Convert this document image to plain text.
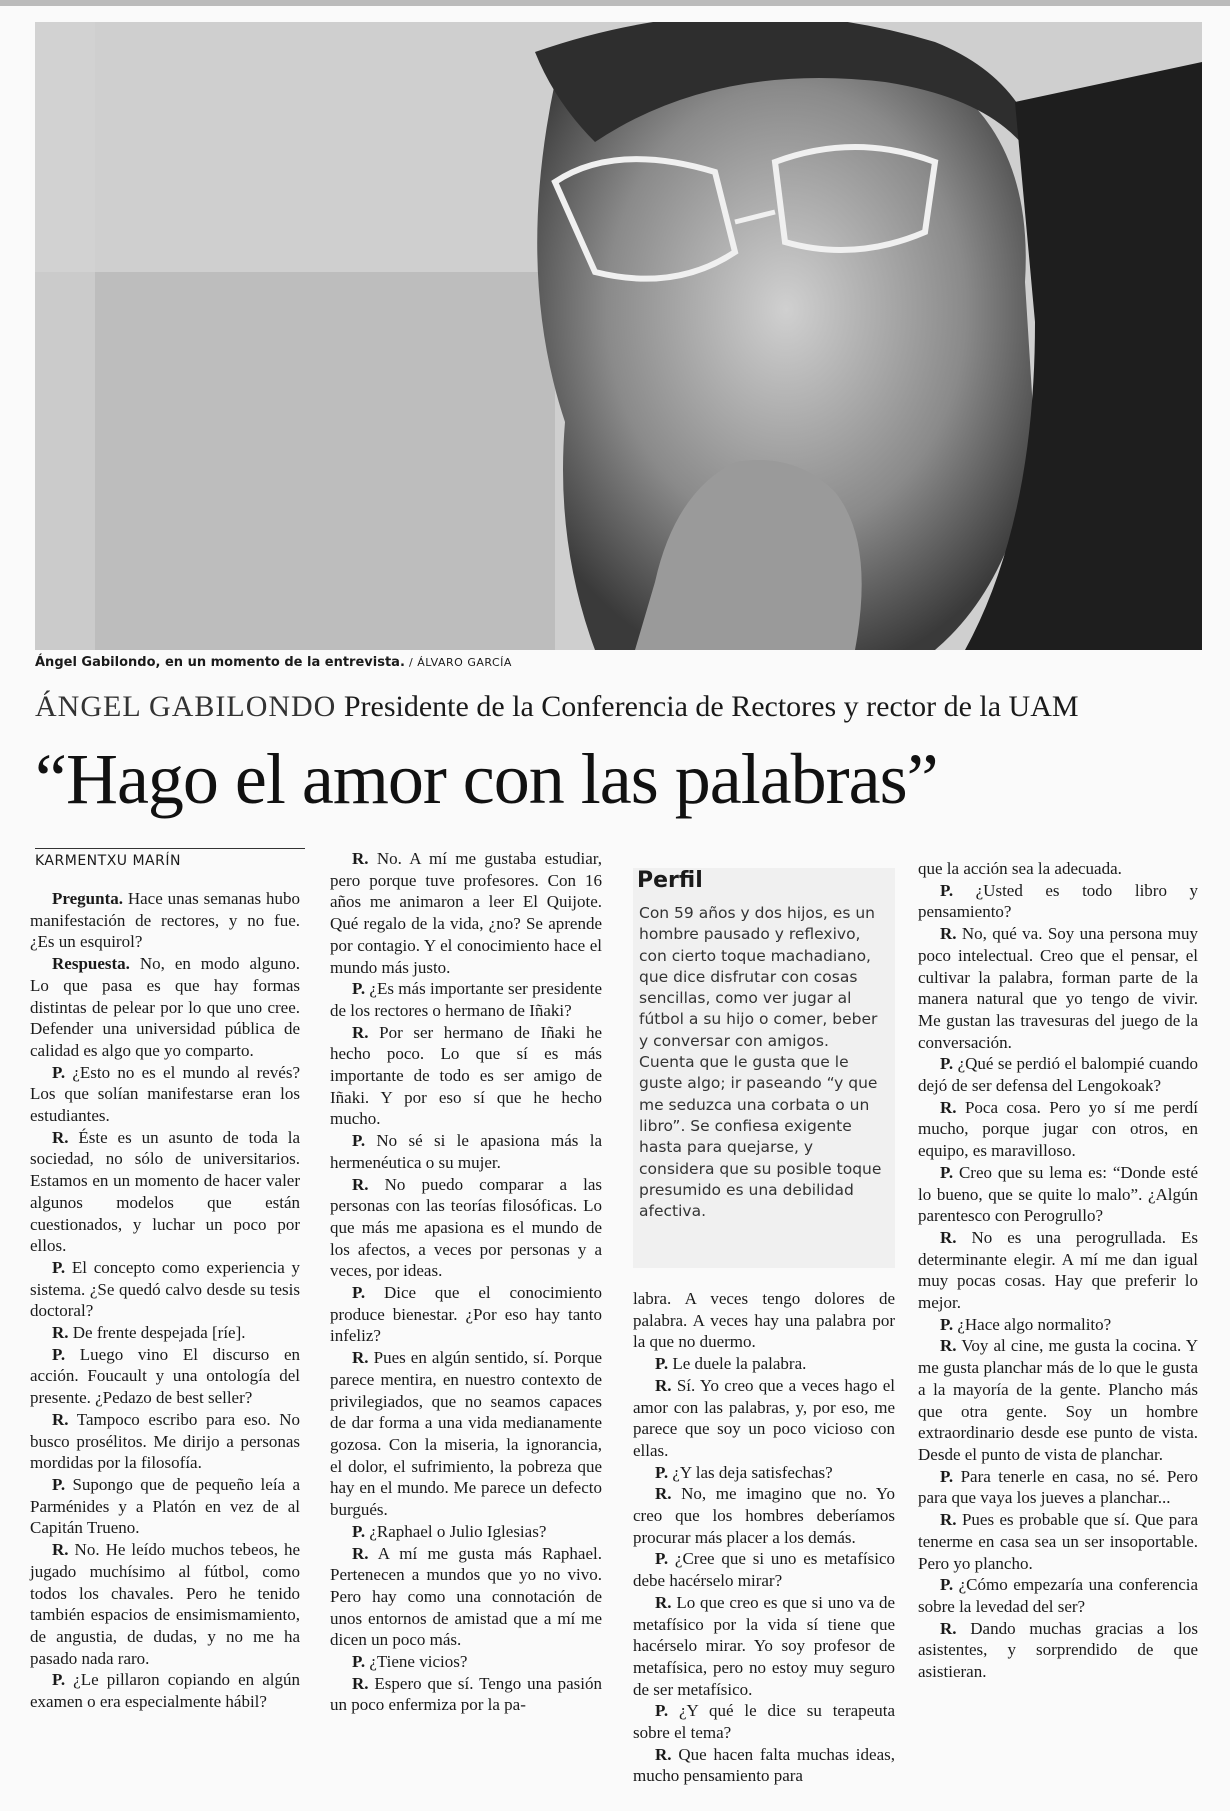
Ángel Gabilondo, en un momento de la entrevista. / ÁLVARO GARCÍA
ÁNGEL GABILONDO Presidente de la Conferencia de Rectores y rector de la UAM
“Hago el amor con las palabras”
KARMENTXU MARÍN

Pregunta. Hace unas semanas hubo manifestación de rectores, y no fue. ¿Es un esquirol?

Respuesta. No, en modo alguno. Lo que pasa es que hay formas distintas de pelear por lo que uno cree. Defender una universidad pública de calidad es algo que yo comparto.

P. ¿Esto no es el mundo al revés? Los que solían manifestarse eran los estudiantes.

R. Éste es un asunto de toda la sociedad, no sólo de universitarios. Estamos en un momento de hacer valer algunos modelos que están cuestionados, y luchar un poco por ellos.

P. El concepto como experiencia y sistema. ¿Se quedó calvo desde su tesis doctoral?

R. De frente despejada [ríe].

P. Luego vino El discurso en acción. Foucault y una ontología del presente. ¿Pedazo de best seller?

R. Tampoco escribo para eso. No busco prosélitos. Me dirijo a personas mordidas por la filosofía.

P. Supongo que de pequeño leía a Parménides y a Platón en vez de al Capitán Trueno.

R. No. He leído muchos tebeos, he jugado muchísimo al fútbol, como todos los chavales. Pero he tenido también espacios de ensimismamiento, de angustia, de dudas, y no me ha pasado nada raro.

P. ¿Le pillaron copiando en algún examen o era especialmente hábil?

R. No. A mí me gustaba estudiar, pero porque tuve profesores. Con 16 años me animaron a leer El Quijote. Qué regalo de la vida, ¿no? Se aprende por contagio. Y el conocimiento hace el mundo más justo.

P. ¿Es más importante ser presidente de los rectores o hermano de Iñaki?

R. Por ser hermano de Iñaki he hecho poco. Lo que sí es más importante de todo es ser amigo de Iñaki. Y por eso sí que he hecho mucho.

P. No sé si le apasiona más la hermenéutica o su mujer.

R. No puedo comparar a las personas con las teorías filosóficas. Lo que más me apasiona es el mundo de los afectos, a veces por personas y a veces, por ideas.

P. Dice que el conocimiento produce bienestar. ¿Por eso hay tanto infeliz?

R. Pues en algún sentido, sí. Porque parece mentira, en nuestro contexto de privilegiados, que no seamos capaces de dar forma a una vida medianamente gozosa. Con la miseria, la ignorancia, el dolor, el sufrimiento, la pobreza que hay en el mundo. Me parece un defecto burgués.

P. ¿Raphael o Julio Iglesias?

R. A mí me gusta más Raphael. Pertenecen a mundos que yo no vivo. Pero hay como una connotación de unos entornos de amistad que a mí me dicen un poco más.

P. ¿Tiene vicios?

R. Espero que sí. Tengo una pasión un poco enfermiza por la pa-

Perfil

Con 59 años y dos hijos, es un hombre pausado y reflexivo, con cierto toque machadiano, que dice disfrutar con cosas sencillas, como ver jugar al fútbol a su hijo o comer, beber y conversar con amigos. Cuenta que le gusta que le guste algo; ir paseando “y que me seduzca una corbata o un libro”. Se confiesa exigente hasta para quejarse, y considera que su posible toque presumido es una debilidad afectiva.

labra. A veces tengo dolores de palabra. A veces hay una palabra por la que no duermo.

P. Le duele la palabra.

R. Sí. Yo creo que a veces hago el amor con las palabras, y, por eso, me parece que soy un poco vicioso con ellas.

P. ¿Y las deja satisfechas?

R. No, me imagino que no. Yo creo que los hombres deberíamos procurar más placer a los demás.

P. ¿Cree que si uno es metafísico debe hacérselo mirar?

R. Lo que creo es que si uno va de metafísico por la vida sí tiene que hacérselo mirar. Yo soy profesor de metafísica, pero no estoy muy seguro de ser metafísico.

P. ¿Y qué le dice su terapeuta sobre el tema?

R. Que hacen falta muchas ideas, mucho pensamiento para

que la acción sea la adecuada.

P. ¿Usted es todo libro y pensamiento?

R. No, qué va. Soy una persona muy poco intelectual. Creo que el pensar, el cultivar la palabra, forman parte de la manera natural que yo tengo de vivir. Me gustan las travesuras del juego de la conversación.

P. ¿Qué se perdió el balompié cuando dejó de ser defensa del Lengokoak?

R. Poca cosa. Pero yo sí me perdí mucho, porque jugar con otros, en equipo, es maravilloso.

P. Creo que su lema es: “Donde esté lo bueno, que se quite lo malo”. ¿Algún parentesco con Perogrullo?

R. No es una perogrullada. Es determinante elegir. A mí me dan igual muy pocas cosas. Hay que preferir lo mejor.

P. ¿Hace algo normalito?

R. Voy al cine, me gusta la cocina. Y me gusta planchar más de lo que le gusta a la mayoría de la gente. Plancho más que otra gente. Soy un hombre extraordinario desde ese punto de vista. Desde el punto de vista de planchar.

P. Para tenerle en casa, no sé. Pero para que vaya los jueves a planchar...

R. Pues es probable que sí. Que para tenerme en casa sea un ser insoportable. Pero yo plancho.

P. ¿Cómo empezaría una conferencia sobre la levedad del ser?

R. Dando muchas gracias a los asistentes, y sorprendido de que asistieran.
